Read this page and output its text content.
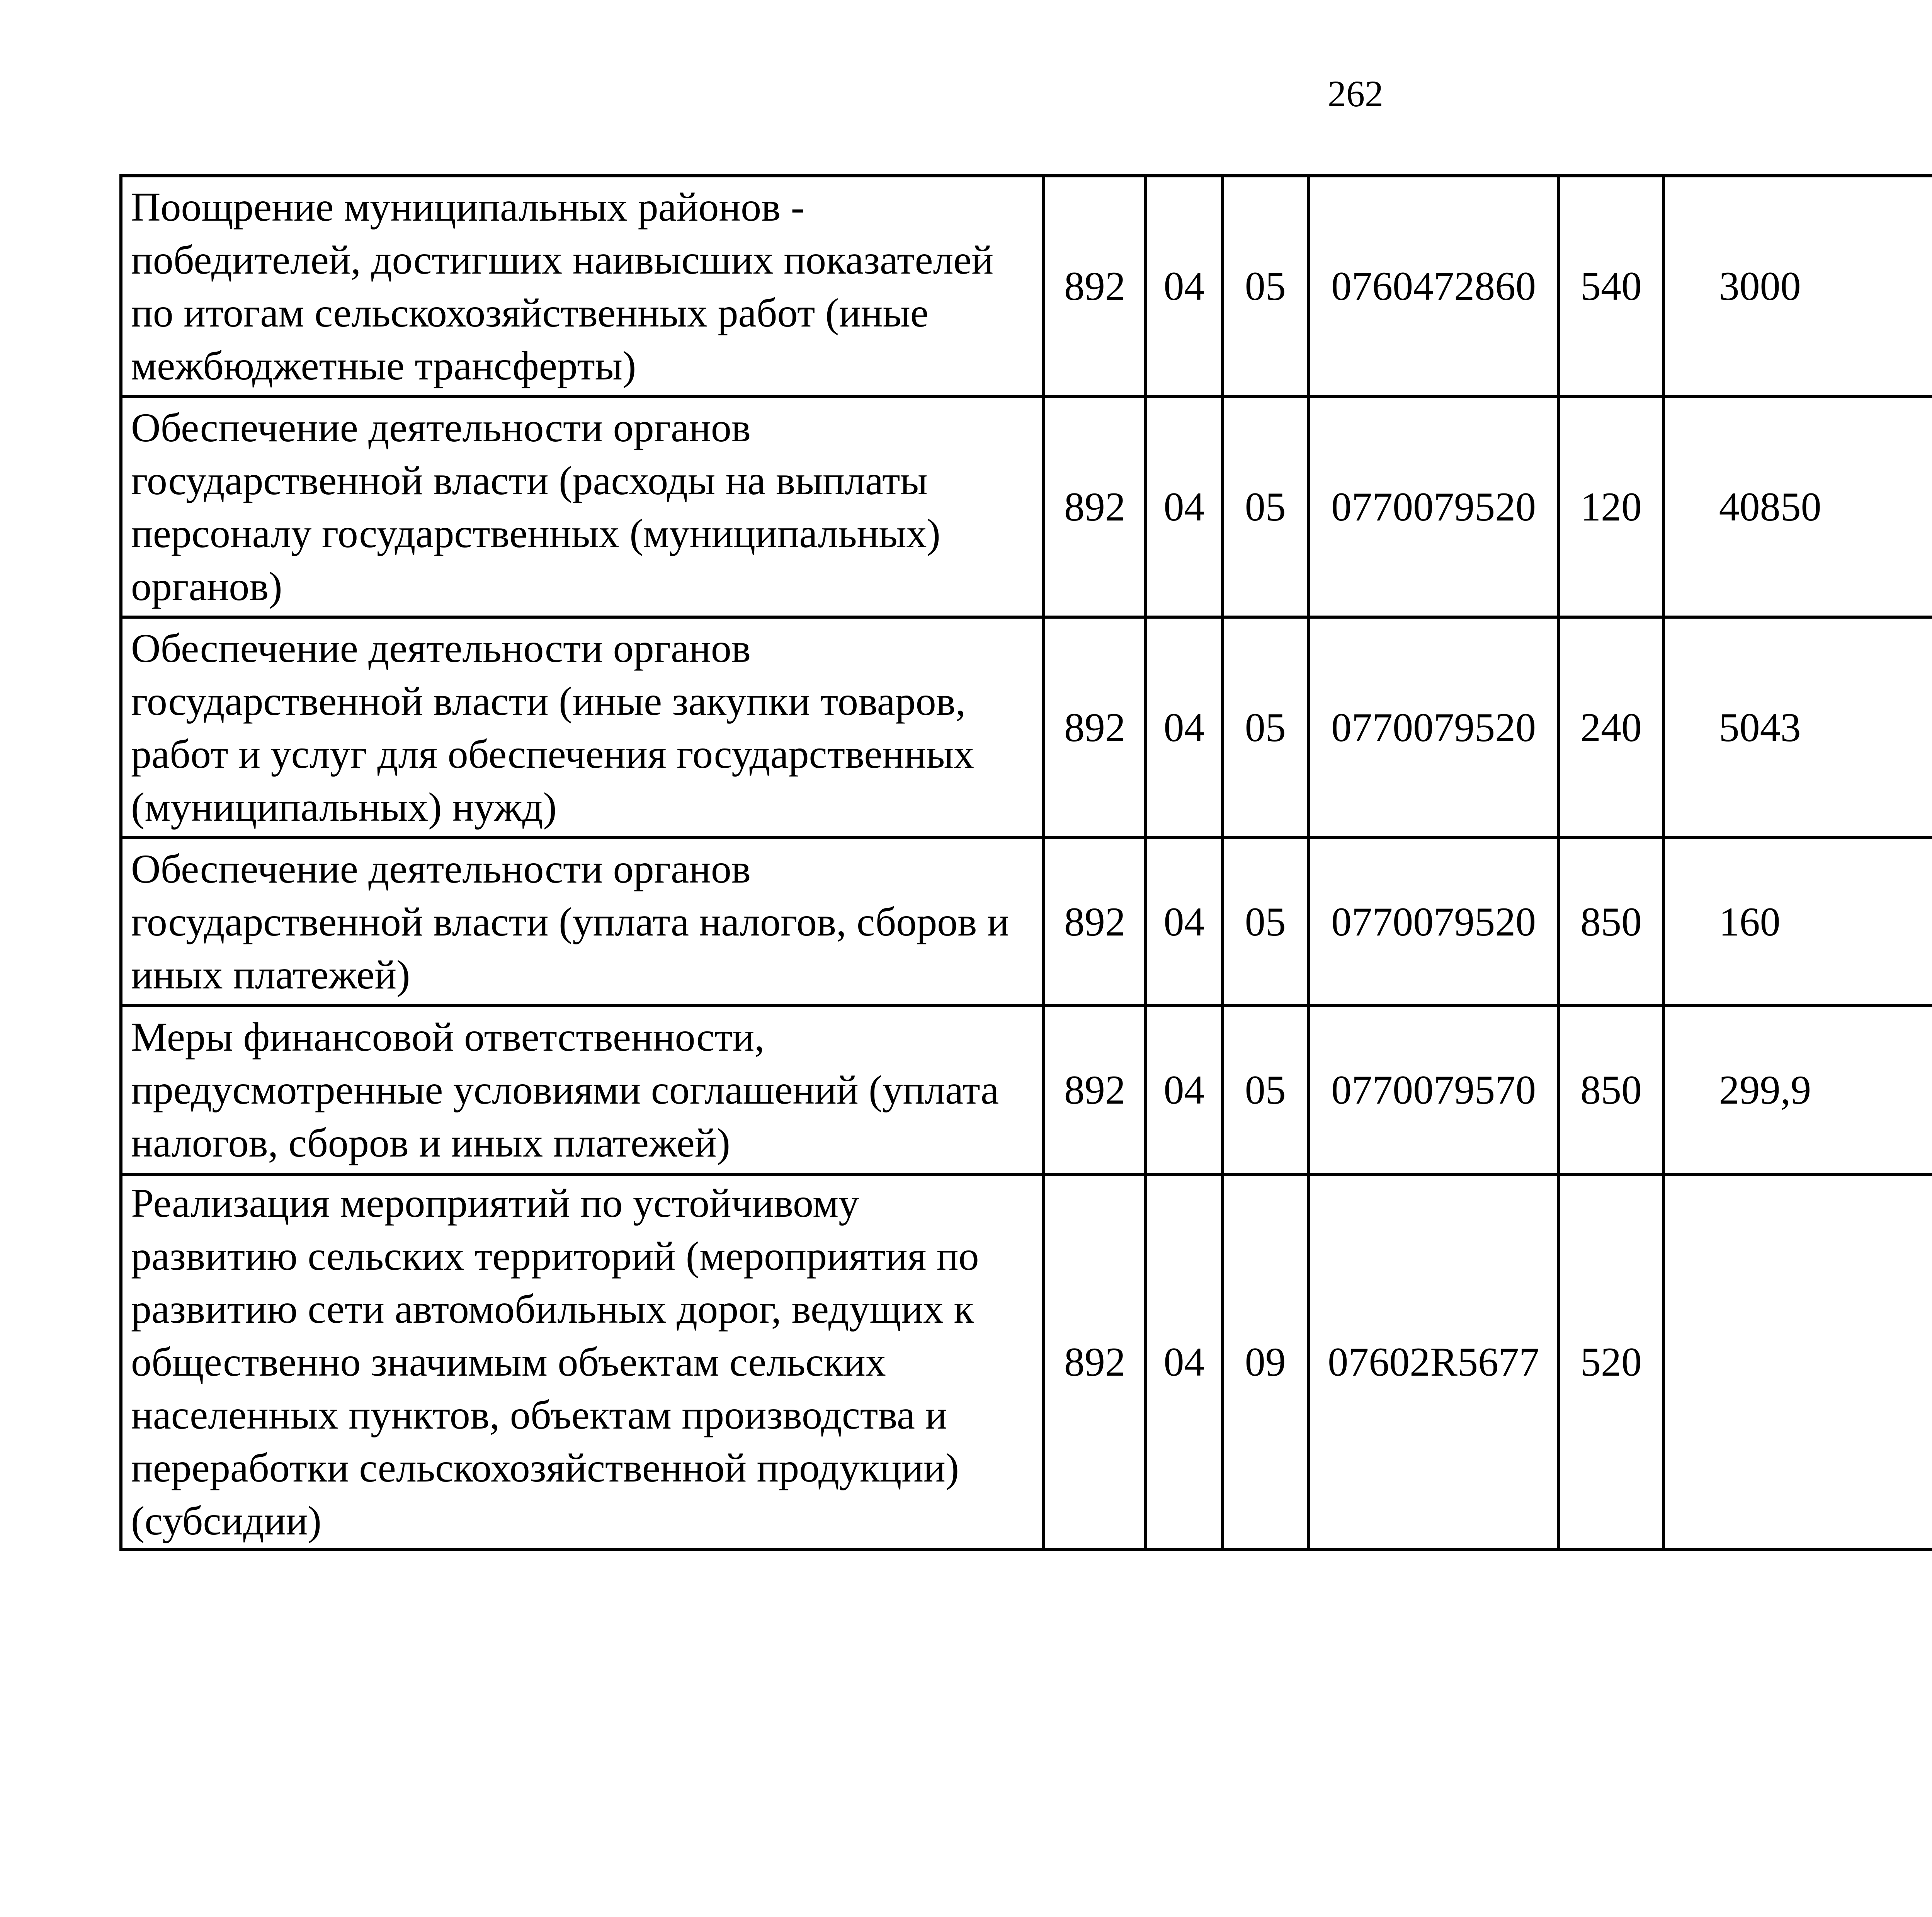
262
Поощрение муниципальных районов - победителей, достигших наивысших показателей по итогам сельскохозяйственных работ (иные межбюджетные трансферты)	892	04	05	0760472860	540	3000		
Обеспечение деятельности органов государственной власти (расходы на выплаты персоналу государственных (муниципальных) органов)	892	04	05	0770079520	120	40850		
Обеспечение деятельности органов государственной власти (иные закупки товаров, работ и услуг для обеспечения государственных (муниципальных) нужд)	892	04	05	0770079520	240	5043		
Обеспечение деятельности органов государственной власти (уплата налогов, сборов и иных платежей)	892	04	05	0770079520	850	160		
Меры финансовой ответственности, предусмотренные условиями соглашений (уплата налогов, сборов и иных платежей)	892	04	05	0770079570	850	299,9		
Реализация мероприятий по устойчивому развитию сельских территорий (мероприятия по развитию сети автомобильных дорог, ведущих к общественно значимым объектам сельских населенных пунктов, объектам производства и переработки сельскохозяйственной продукции) (субсидии)	892	04	09	07602R5677	520			
